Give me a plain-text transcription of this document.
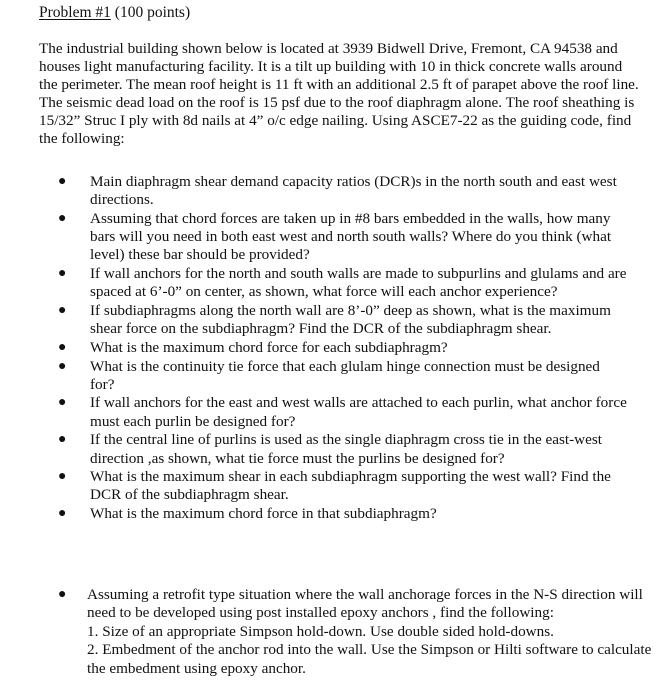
Problem #1 (100 points)
The industrial building shown below is located at 3939 Bidwell Drive, Fremont, CA 94538 and houses light manufacturing facility. It is a tilt up building with 10 in thick concrete walls around the perimeter. The mean roof height is 11 ft with an additional 2.5 ft of parapet above the roof line. The seismic dead load on the roof is 15 psf due to the roof diaphragm alone. The roof sheathing is 15/32” Struc I ply with 8d nails at 4” o/c edge nailing. Using ASCE7-22 as the guiding code, find the following:
● Main diaphragm shear demand capacity ratios (DCR)s in the north south and east west directions.
● Assuming that chord forces are taken up in #8 bars embedded in the walls, how many bars will you need in both east west and north south walls? Where do you think (what level) these bar should be provided?
● If wall anchors for the north and south walls are made to subpurlins and glulams and are spaced at 6’-0” on center, as shown, what force will each anchor experience?
● If subdiaphragms along the north wall are 8’-0” deep as shown, what is the maximum shear force on the subdiaphragm? Find the DCR of the subdiaphragm shear.
● What is the maximum chord force for each subdiaphragm?
● What is the continuity tie force that each glulam hinge connection must be designed for?
● If wall anchors for the east and west walls are attached to each purlin, what anchor force must each purlin be designed for?
● If the central line of purlins is used as the single diaphragm cross tie in the east-west direction ,as shown, what tie force must the purlins be designed for?
● What is the maximum shear in each subdiaphragm supporting the west wall? Find the DCR of the subdiaphragm shear.
● What is the maximum chord force in that subdiaphragm?
● Assuming a retrofit type situation where the wall anchorage forces in the N-S direction will need to be developed using post installed epoxy anchors , find the following:
1. Size of an appropriate Simpson hold-down. Use double sided hold-downs.
2. Embedment of the anchor rod into the wall. Use the Simpson or Hilti software to calculate the embedment using epoxy anchor.
